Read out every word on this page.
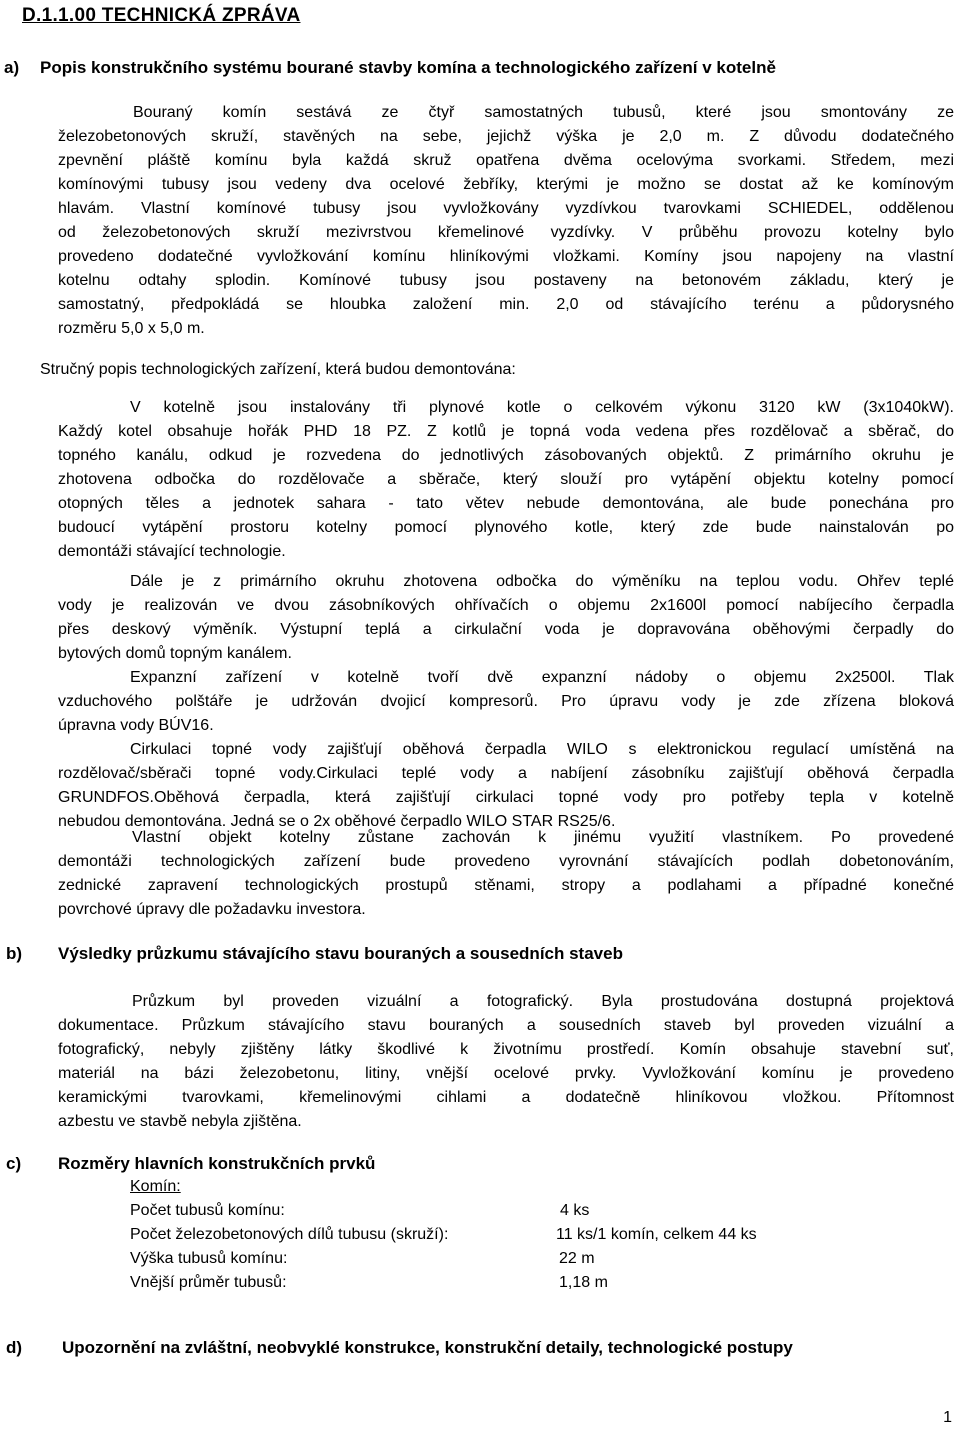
D.1.1.00 TECHNICKÁ ZPRÁVA
a) Popis konstrukčního systému bourané stavby komína a technologického zařízení v kotelně
Bouraný komín sestává ze čtyř samostatných tubusů, které jsou smontovány ze
železobetonových skruží, stavěných na sebe, jejichž výška je 2,0 m. Z důvodu dodatečného
zpevnění pláště komínu byla každá skruž opatřena dvěma ocelovýma svorkami. Středem, mezi
komínovými tubusy jsou vedeny dva ocelové žebříky, kterými je možno se dostat až ke komínovým
hlavám. Vlastní komínové tubusy jsou vyvložkovány vyzdívkou tvarovkami SCHIEDEL, oddělenou
od železobetonových skruží mezivrstvou křemelinové vyzdívky. V průběhu provozu kotelny bylo
provedeno dodatečné vyvložkování komínu hliníkovými vložkami. Komíny jsou napojeny na vlastní
kotelnu odtahy splodin. Komínové tubusy jsou postaveny na betonovém základu, který je
samostatný, předpokládá se hloubka založení min. 2,0 od stávajícího terénu a půdorysného
rozměru 5,0 x 5,0 m.
Stručný popis technologických zařízení, která budou demontována:
V kotelně jsou instalovány tři plynové kotle o celkovém výkonu 3120 kW (3x1040kW).
Každý kotel obsahuje hořák PHD 18 PZ. Z kotlů je topná voda vedena přes rozdělovač a sběrač, do
topného kanálu, odkud je rozvedena do jednotlivých zásobovaných objektů. Z primárního okruhu je
zhotovena odbočka do rozdělovače a sběrače, který slouží pro vytápění objektu kotelny pomocí
otopných těles a jednotek sahara - tato větev nebude demontována, ale bude ponechána pro
budoucí vytápění prostoru kotelny pomocí plynového kotle, který zde bude nainstalován po
demontáži stávající technologie.
Dále je z primárního okruhu zhotovena odbočka do výměníku na teplou vodu. Ohřev teplé
vody je realizován ve dvou zásobníkových ohřívačích o objemu 2x1600l pomocí nabíjecího čerpadla
přes deskový výměník. Výstupní teplá a cirkulační voda je dopravována oběhovými čerpadly do
bytových domů topným kanálem.
Expanzní zařízení v kotelně tvoří dvě expanzní nádoby o objemu 2x2500l. Tlak
vzduchového polštáře je udržován dvojicí kompresorů. Pro úpravu vody je zde zřízena bloková
úpravna vody BÚV16.
Cirkulaci topné vody zajišťují oběhová čerpadla WILO s elektronickou regulací umístěná na
rozdělovač/sběrači topné vody.Cirkulaci teplé vody a nabíjení zásobníku zajišťují oběhová čerpadla
GRUNDFOS.Oběhová čerpadla, která zajišťují cirkulaci topné vody pro potřeby tepla v kotelně
nebudou demontována. Jedná se o 2x oběhové čerpadlo WILO STAR RS25/6.
Vlastní objekt kotelny zůstane zachován k jinému využití vlastníkem. Po provedené
demontáži technologických zařízení bude provedeno vyrovnání stávajících podlah dobetonováním,
zednické zapravení technologických prostupů stěnami, stropy a podlahami a případné konečné
povrchové úpravy dle požadavku investora.
b) Výsledky průzkumu stávajícího stavu bouraných a sousedních staveb
Průzkum byl proveden vizuální a fotografický. Byla prostudována dostupná projektová
dokumentace. Průzkum stávajícího stavu bouraných a sousedních staveb byl proveden vizuální a
fotografický, nebyly zjištěny látky škodlivé k životnímu prostředí. Komín obsahuje stavební suť,
materiál na bázi železobetonu, litiny, vnější ocelové prvky. Vyvložkování komínu je provedeno
keramickými tvarovkami, křemelinovými cihlami a dodatečně hliníkovou vložkou. Přítomnost
azbestu ve stavbě nebyla zjištěna.
c) Rozměry hlavních konstrukčních prvků
Komín:
Počet tubusů komínu:	4 ks
Počet železobetonových dílů tubusu (skruží):	11 ks/1 komín, celkem 44 ks
Výška tubusů komínu:	22 m
Vnější průměr tubusů:	1,18 m
d) Upozornění na zvláštní, neobvyklé konstrukce, konstrukční detaily, technologické postupy
1
